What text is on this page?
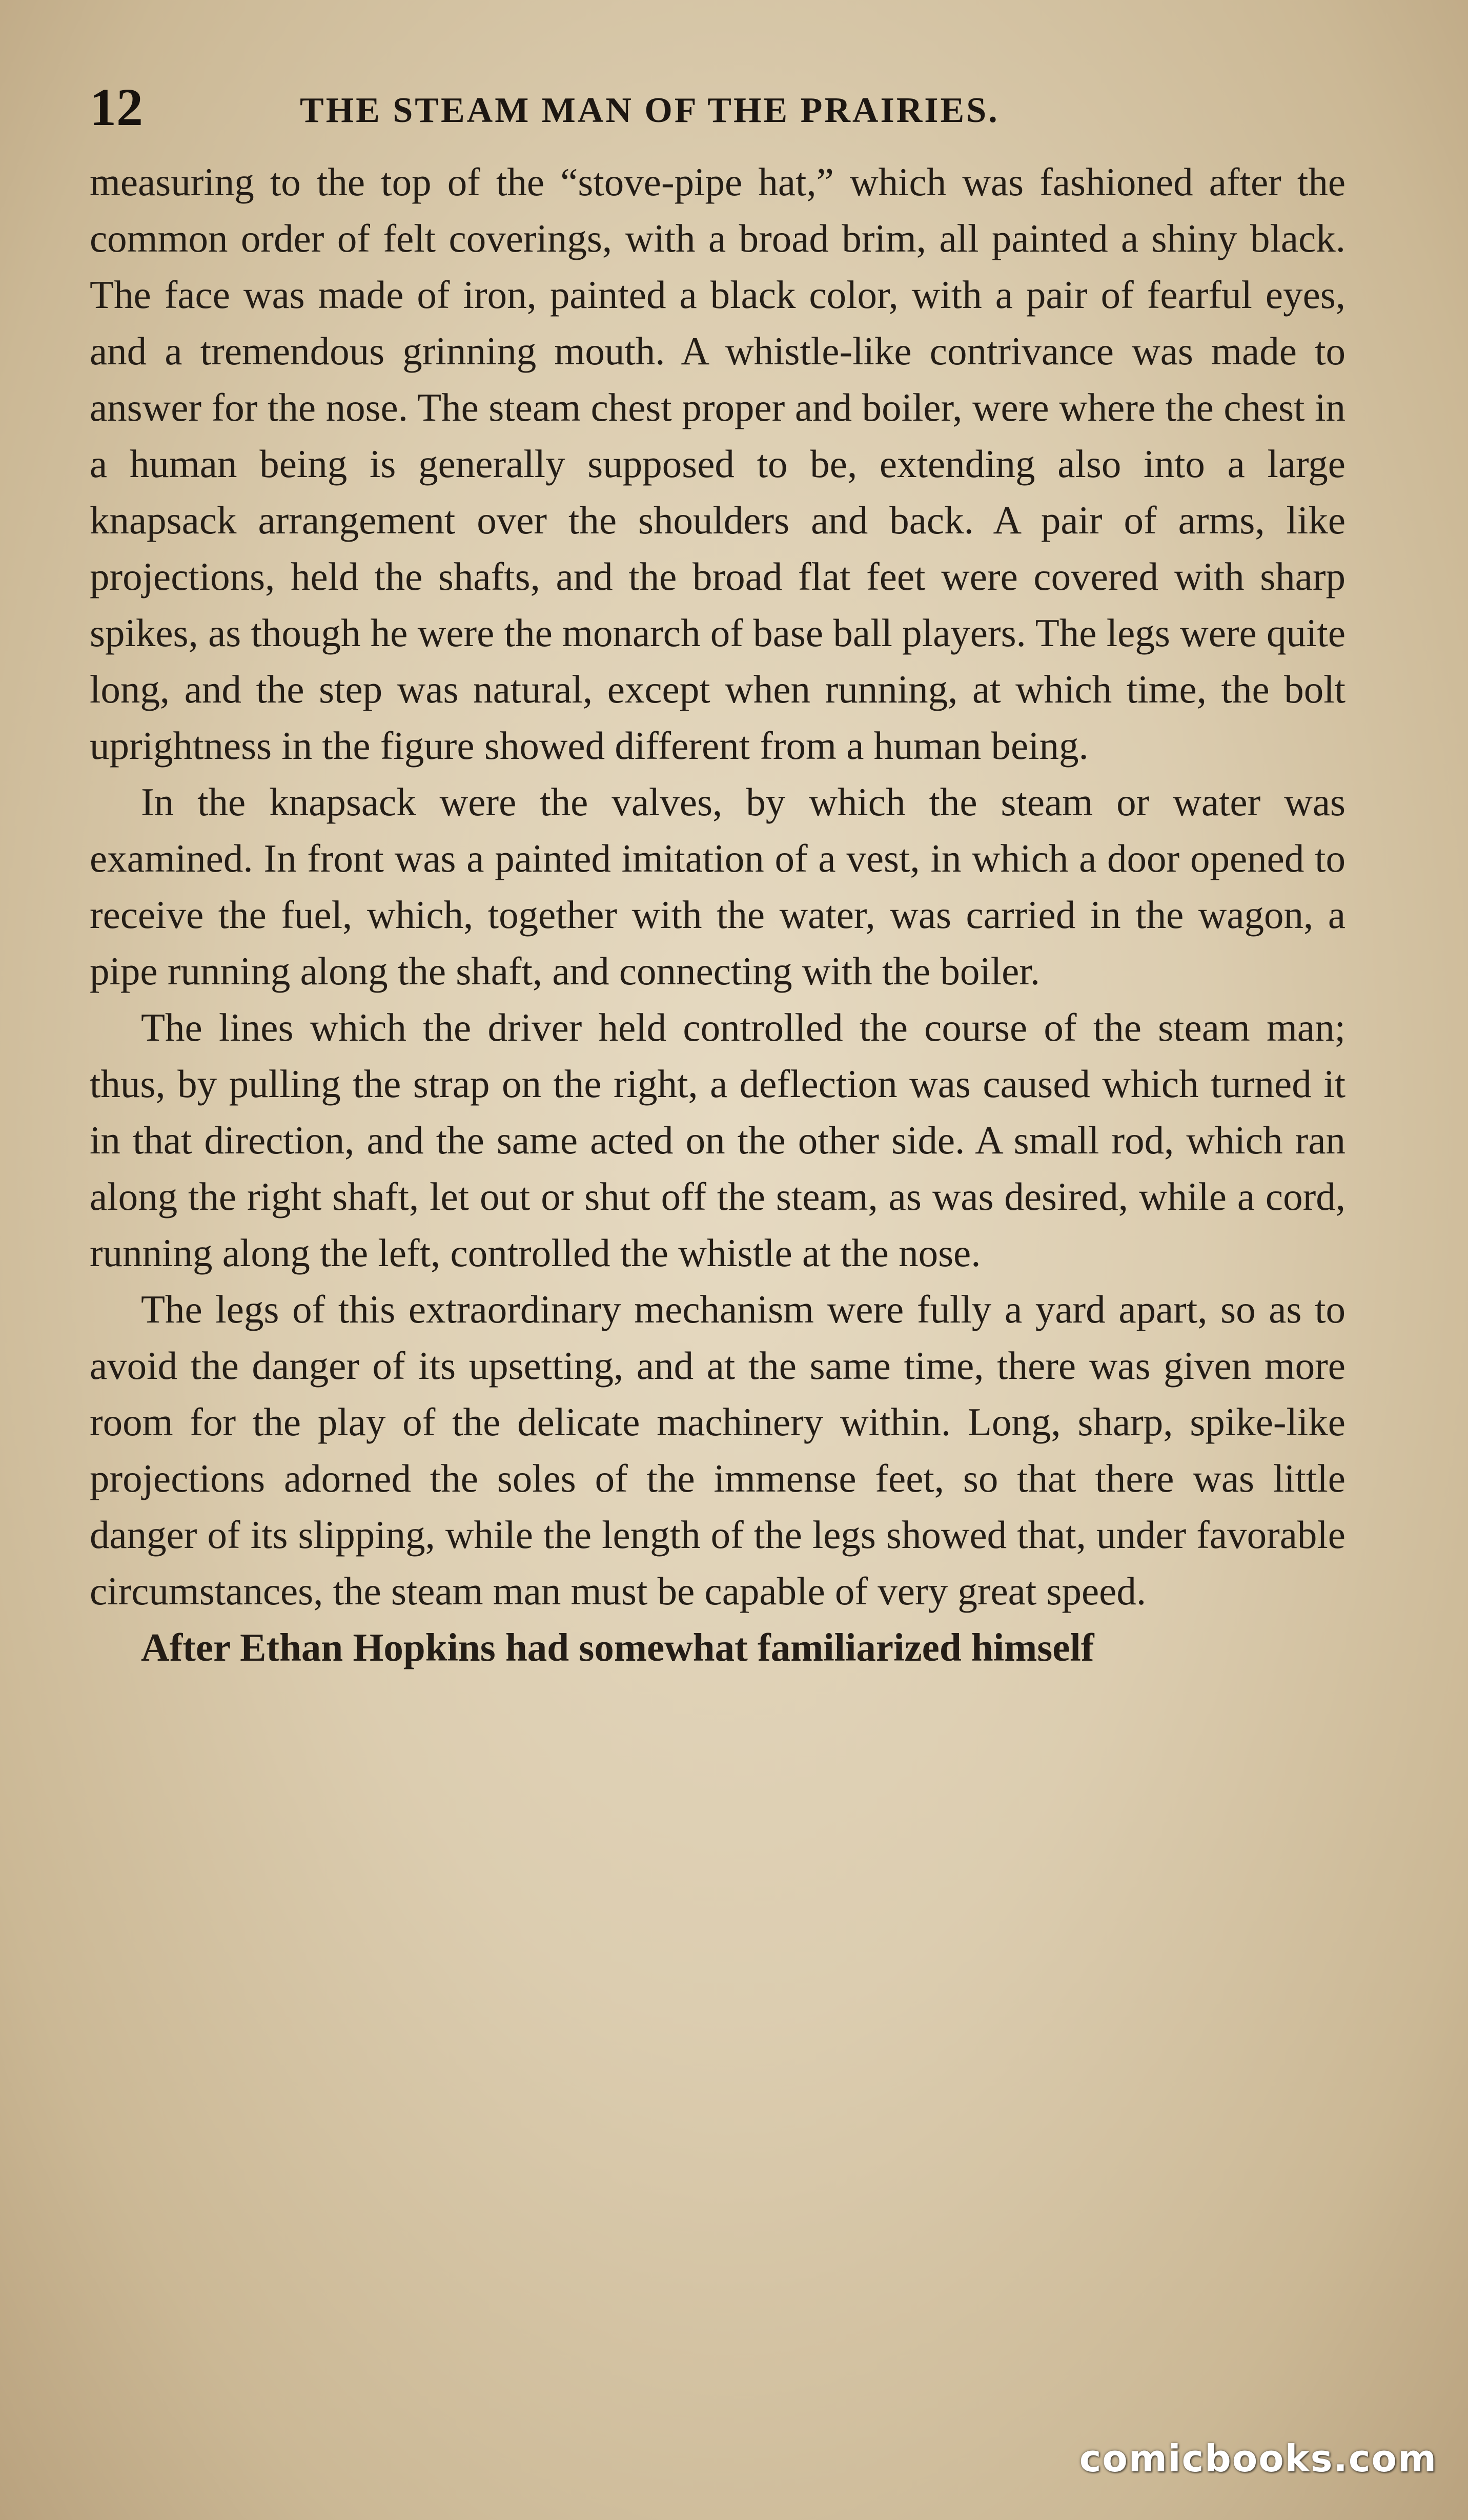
12	THE STEAM MAN OF THE PRAIRIES.

measuring to the top of the “stove-pipe hat,” which was fashioned after the common order of felt coverings, with a broad brim, all painted a shiny black. The face was made of iron, painted a black color, with a pair of fearful eyes, and a tremendous grinning mouth. A whistle-like contrivance was made to answer for the nose. The steam chest proper and boiler, were where the chest in a human being is generally supposed to be, extending also into a large knapsack arrangement over the shoulders and back. A pair of arms, like projections, held the shafts, and the broad flat feet were covered with sharp spikes, as though he were the monarch of base ball players. The legs were quite long, and the step was natural, except when running, at which time, the bolt uprightness in the figure showed different from a human being.

In the knapsack were the valves, by which the steam or water was examined. In front was a painted imitation of a vest, in which a door opened to receive the fuel, which, together with the water, was carried in the wagon, a pipe running along the shaft, and connecting with the boiler.

The lines which the driver held controlled the course of the steam man; thus, by pulling the strap on the right, a deflection was caused which turned it in that direction, and the same acted on the other side. A small rod, which ran along the right shaft, let out or shut off the steam, as was desired, while a cord, running along the left, controlled the whistle at the nose.

The legs of this extraordinary mechanism were fully a yard apart, so as to avoid the danger of its upsetting, and at the same time, there was given more room for the play of the delicate machinery within. Long, sharp, spike-like projections adorned the soles of the immense feet, so that there was little danger of its slipping, while the length of the legs showed that, under favorable circumstances, the steam man must be capable of very great speed.

After Ethan Hopkins had somewhat familiarized himself

comicbooks.com
